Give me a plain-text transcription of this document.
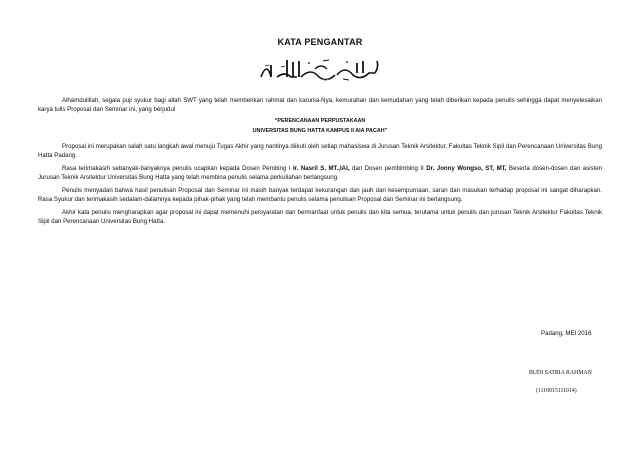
KATA PENGANTAR
بِسْمِ ٱللَّٰهِ ٱلرَّحْمَٰنِ ٱلرَّحِيمِ

Alhamdulillah, segala puji syukur bagi allah SWT yang telah memberikan rahmat dan karunia-Nya, kemurahan dan kemudahan yang telah diberikan kepada penulis sehingga dapat menyelesaikan karya tulis Proposal dan Seminar ini, yang berjudul

“PERENCANAAN PERPUSTAKAAN
UNIVERSITAS BUNG HATTA KAMPUS II AIA PACAH”

Proposal ini merupakan salah satu langkah awal menuju Tugas Akhir yang nantinya diikuti oleh setiap mahasiswa di Jurusan Teknik Arsitektur, Fakultas Teknik Sipil dan Perencanaan Universitas Bung Hatta Padang.

Rasa terimakasih sebanyak-banyaknya penulis ucapkan kepada Dosen Pembing I Ir. Nasril S, MT.,IAI, dan Dosen pembimbing II Dr. Jonny Wongso, ST, MT, Beserta dosen-dosen dan asisten Jurusan Teknik Arsitektur Universitas Bung Hatta yang telah membina penulis selama perkuliahan berlangsung.

Penulis menyadari bahwa hasil penulisan Proposal dan Seminar ini masih banyak terdapat kekurangan dan jauh dari kesempurnaan, saran dan masukan terhadap proposal ini sangat diharapkan. Rasa Syukur dan terimakasih sedalam-dalamnya kepada pihak-pihak yang telah membantu penulis selama penulisan Proposal dan Seminar ini berlangsung.

Akhir kata penulis mengharapkan agar proposal ini dapat memenuhi persyaratan dan bermanfaat untuk penulis dan kita semua, terutama untuk penulis dan jurusan Teknik Arsitektur Fakultas Teknik Sipil dan Perencanaan Universitas Bung Hatta.

Padang, MEI 2016
BUDI SATRIA RAHMAN
(1110015111014)
